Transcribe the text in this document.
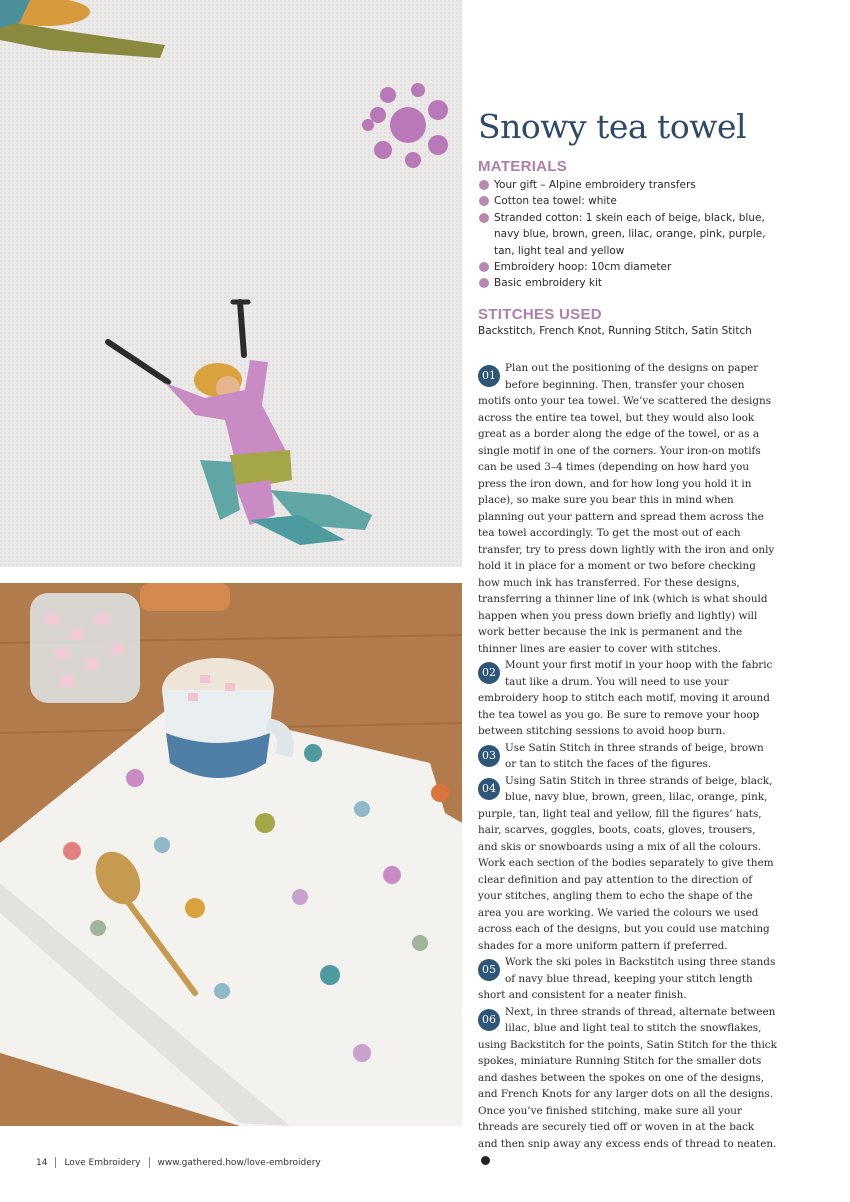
Snowy tea towel
MATERIALS
Your gift – Alpine embroidery transfers
Cotton tea towel: white
Stranded cotton: 1 skein each of beige, black, blue, navy blue, brown, green, lilac, orange, pink, purple, tan, light teal and yellow
Embroidery hoop: 10cm diameter
Basic embroidery kit
STITCHES USED

Backstitch, French Knot, Running Stitch, Satin Stitch

01
Plan out the positioning of the designs on paper before beginning. Then, transfer your chosen motifs onto your tea towel. We’ve scattered the designs across the entire tea towel, but they would also look great as a border along the edge of the towel, or as a single motif in one of the corners. Your iron-on motifs can be used 3–4 times (depending on how hard you press the iron down, and for how long you hold it in place), so make sure you bear this in mind when planning out your pattern and spread them across the tea towel accordingly. To get the most out of each transfer, try to press down lightly with the iron and only hold it in place for a moment or two before checking how much ink has transferred. For these designs, transferring a thinner line of ink (which is what should happen when you press down briefly and lightly) will work better because the ink is permanent and the thinner lines are easier to cover with stitches.

02
Mount your first motif in your hoop with the fabric taut like a drum. You will need to use your embroidery hoop to stitch each motif, moving it around the tea towel as you go. Be sure to remove your hoop between stitching sessions to avoid hoop burn.

03
Use Satin Stitch in three strands of beige, brown or tan to stitch the faces of the figures.

04
Using Satin Stitch in three strands of beige, black, blue, navy blue, brown, green, lilac, orange, pink, purple, tan, light teal and yellow, fill the figures’ hats, hair, scarves, goggles, boots, coats, gloves, trousers, and skis or snowboards using a mix of all the colours. Work each section of the bodies separately to give them clear definition and pay attention to the direction of your stitches, angling them to echo the shape of the area you are working. We varied the colours we used across each of the designs, but you could use matching shades for a more uniform pattern if preferred.

05
Work the ski poles in Backstitch using three stands of navy blue thread, keeping your stitch length short and consistent for a neater finish.

06
Next, in three strands of thread, alternate between lilac, blue and light teal to stitch the snowflakes, using Backstitch for the points, Satin Stitch for the thick spokes, miniature Running Stitch for the smaller dots and dashes between the spokes on one of the designs, and French Knots for any larger dots on all the designs. Once you’ve finished stitching, make sure all your threads are securely tied off or woven in at the back and then snip away any excess ends of thread to neaten.

14 Love Embroidery www.gathered.how/love-embroidery
